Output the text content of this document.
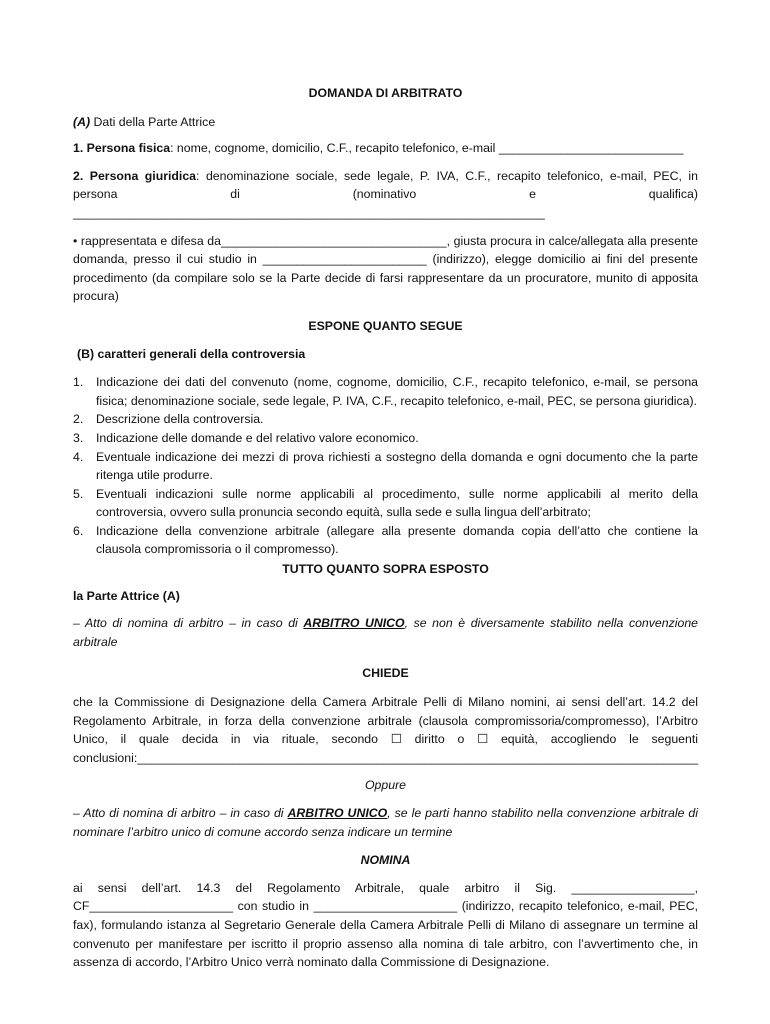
DOMANDA DI ARBITRATO

(A) Dati della Parte Attrice

1. Persona fisica: nome, cognome, domicilio, C.F., recapito telefonico, e-mail ___________________________

2. Persona giuridica: denominazione sociale, sede legale, P. IVA, C.F., recapito telefonico, e-mail, PEC, in persona di (nominativo e qualifica) _____________________________________________________________________

• rappresentata e difesa da_________________________________, giusta procura in calce/allegata alla presente domanda, presso il cui studio in ________________________ (indirizzo), elegge domicilio ai fini del presente procedimento (da compilare solo se la Parte decide di farsi rappresentare da un procuratore, munito di apposita procura)

ESPONE QUANTO SEGUE

(B) caratteri generali della controversia

1. Indicazione dei dati del convenuto (nome, cognome, domicilio, C.F., recapito telefonico, e-mail, se persona fisica; denominazione sociale, sede legale, P. IVA, C.F., recapito telefonico, e-mail, PEC, se persona giuridica).
2. Descrizione della controversia.
3. Indicazione delle domande e del relativo valore economico.
4. Eventuale indicazione dei mezzi di prova richiesti a sostegno della domanda e ogni documento che la parte ritenga utile produrre.
5. Eventuali indicazioni sulle norme applicabili al procedimento, sulle norme applicabili al merito della controversia, ovvero sulla pronuncia secondo equità, sulla sede e sulla lingua dell’arbitrato;
6. Indicazione della convenzione arbitrale (allegare alla presente domanda copia dell’atto che contiene la clausola compromissoria o il compromesso).

TUTTO QUANTO SOPRA ESPOSTO

la Parte Attrice (A)

– Atto di nomina di arbitro – in caso di ARBITRO UNICO, se non è diversamente stabilito nella convenzione arbitrale

CHIEDE

che la Commissione di Designazione della Camera Arbitrale Pelli di Milano nomini, ai sensi dell’art. 14.2 del Regolamento Arbitrale, in forza della convenzione arbitrale (clausola compromissoria/compromesso), l’Arbitro Unico, il quale decida in via rituale, secondo ☐ diritto o ☐ equità, accogliendo le seguenti conclusioni:__________________________________________________________________________________

Oppure

– Atto di nomina di arbitro – in caso di ARBITRO UNICO, se le parti hanno stabilito nella convenzione arbitrale di nominare l’arbitro unico di comune accordo senza indicare un termine

NOMINA

ai sensi dell’art. 14.3 del Regolamento Arbitrale, quale arbitro il Sig. __________________, CF_____________________ con studio in _____________________ (indirizzo, recapito telefonico, e-mail, PEC, fax), formulando istanza al Segretario Generale della Camera Arbitrale Pelli di Milano di assegnare un termine al convenuto per manifestare per iscritto il proprio assenso alla nomina di tale arbitro, con l’avvertimento che, in assenza di accordo, l’Arbitro Unico verrà nominato dalla Commissione di Designazione.
